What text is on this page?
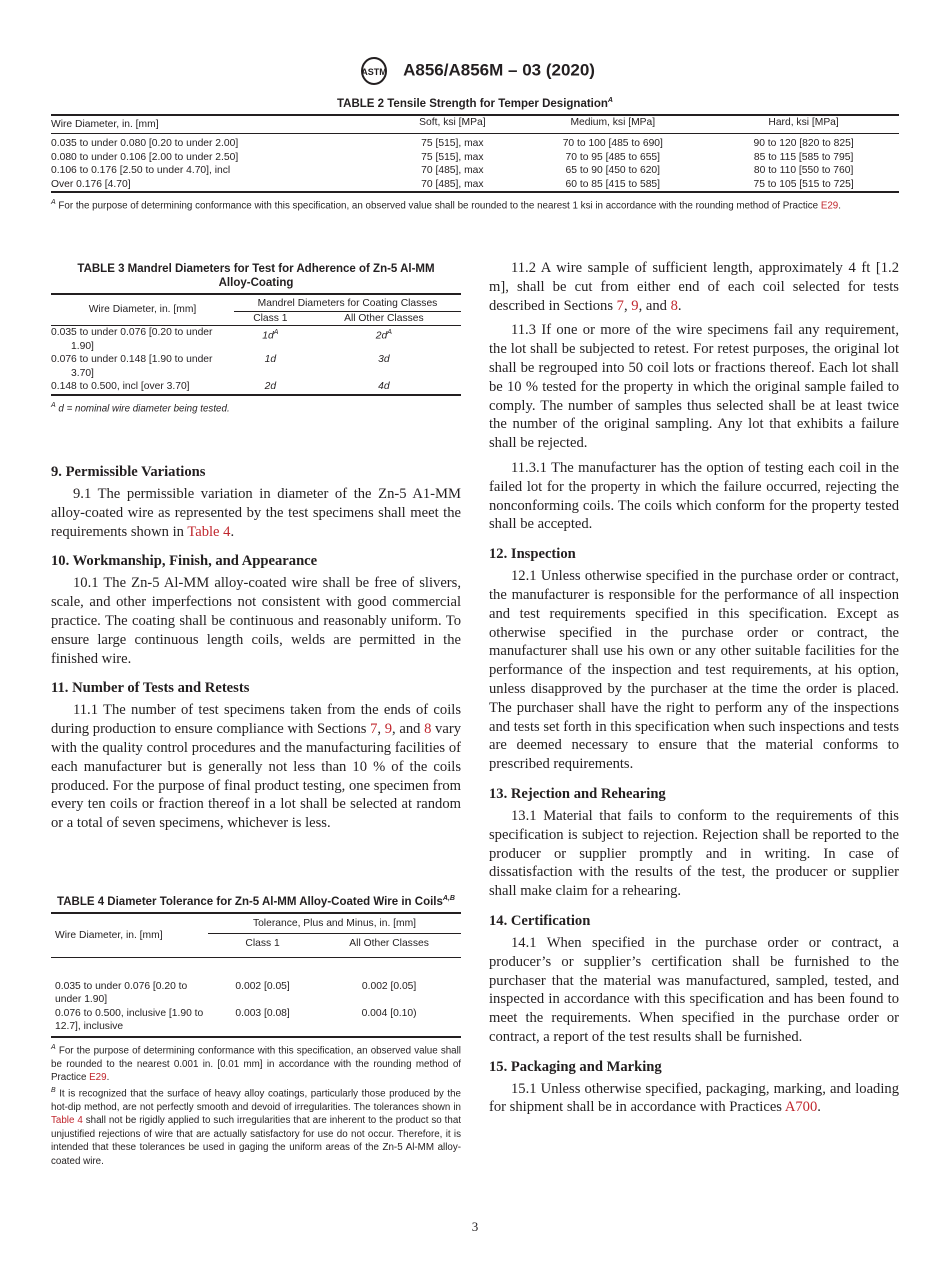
ASTM A856/A856M – 03 (2020)
TABLE 2 Tensile Strength for Temper Designation$^A$
Wire Diameter, in. [mm]	Soft, ksi [MPa]	Medium, ksi [MPa]	Hard, ksi [MPa]
0.035 to under 0.080 [0.20 to under 2.00]	75 [515], max	70 to 100 [485 to 690]	90 to 120 [820 to 825]
0.080 to under 0.106 [2.00 to under 2.50]	75 [515], max	70 to 95 [485 to 655]	85 to 115 [585 to 795]
0.106 to 0.176 [2.50 to under 4.70], incl	70 [485], max	65 to 90 [450 to 620]	80 to 110 [550 to 760]
Over 0.176 [4.70]	70 [485], max	60 to 85 [415 to 585]	75 to 105 [515 to 725]
$^A$ For the purpose of determining conformance with this specification, an observed value shall be rounded to the nearest 1 ksi in accordance with the rounding method of Practice E29.
TABLE 3 Mandrel Diameters for Test for Adherence of Zn-5 Al-MM Alloy-Coating
Wire Diameter, in. [mm]	Mandrel Diameters for Coating Classes	
	Class 1	All Other Classes
0.035 to under 0.076 [0.20 to under 1.90]	$1d^A$	$2d^A$
0.076 to under 0.148 [1.90 to under 3.70]	1d	3d
0.148 to 0.500, incl [over 3.70]	2d	4d
$^A$ d = nominal wire diameter being tested.
9. Permissible Variations

9.1 The permissible variation in diameter of the Zn-5 A1-MM alloy-coated wire as represented by the test specimens shall meet the requirements shown in Table 4.

10. Workmanship, Finish, and Appearance

10.1 The Zn-5 Al-MM alloy-coated wire shall be free of slivers, scale, and other imperfections not consistent with good commercial practice. The coating shall be continuous and reasonably uniform. To ensure large continuous length coils, welds are permitted in the finished wire.

11. Number of Tests and Retests

11.1 The number of test specimens taken from the ends of coils during production to ensure compliance with Sections 7, 9, and 8 vary with the quality control procedures and the manufacturing facilities of each manufacturer but is generally not less than 10 % of the coils produced. For the purpose of final product testing, one specimen from every ten coils or fraction thereof in a lot shall be selected at random or a total of seven specimens, whichever is less.

TABLE 4 Diameter Tolerance for Zn-5 Al-MM Alloy-Coated Wire in Coils$^{A,B}$
Wire Diameter, in. [mm]	Tolerance, Plus and Minus, in. [mm]	
	Class 1	All Other Classes
0.035 to under 0.076 [0.20 to under 1.90]	0.002 [0.05]	0.002 [0.05]
0.076 to 0.500, inclusive [1.90 to 12.7], inclusive	0.003 [0.08]	0.004 [0.10)
$^A$ For the purpose of determining conformance with this specification, an observed value shall be rounded to the nearest 0.001 in. [0.01 mm] in accordance with the rounding method of Practice E29.
$^B$ It is recognized that the surface of heavy alloy coatings, particularly those produced by the hot-dip method, are not perfectly smooth and devoid of irregularities. The tolerances shown in Table 4 shall not be rigidly applied to such irregularities that are inherent to the product so that unjustified rejections of wire that are actually satisfactory for use do not occur. Therefore, it is intended that these tolerances be used in gaging the uniform areas of the Zn-5 Al-MM alloy-coated wire.

11.2 A wire sample of sufficient length, approximately 4 ft [1.2 m], shall be cut from either end of each coil selected for tests described in Sections 7, 9, and 8.

11.3 If one or more of the wire specimens fail any requirement, the lot shall be subjected to retest. For retest purposes, the original lot shall be regrouped into 50 coil lots or fractions thereof. Each lot shall be 10 % tested for the property in which the original sample failed to comply. The number of samples thus selected shall be at least twice the number of the original sampling. Any lot that exhibits a failure shall be rejected.

11.3.1 The manufacturer has the option of testing each coil in the failed lot for the property in which the failure occurred, rejecting the nonconforming coils. The coils which conform for the property tested shall be accepted.

12. Inspection

12.1 Unless otherwise specified in the purchase order or contract, the manufacturer is responsible for the performance of all inspection and test requirements specified in this specification. Except as otherwise specified in the purchase order or contract, the manufacturer shall use his own or any other suitable facilities for the performance of the inspection and test requirements, at his option, unless disapproved by the purchaser at the time the order is placed. The purchaser shall have the right to perform any of the inspections and tests set forth in this specification when such inspections and tests are deemed necessary to ensure that the material conforms to prescribed requirements.

13. Rejection and Rehearing

13.1 Material that fails to conform to the requirements of this specification is subject to rejection. Rejection shall be reported to the producer or supplier promptly and in writing. In case of dissatisfaction with the results of the test, the producer or supplier shall make claim for a rehearing.

14. Certification

14.1 When specified in the purchase order or contract, a producer’s or supplier’s certification shall be furnished to the purchaser that the material was manufactured, sampled, tested, and inspected in accordance with this specification and has been found to meet the requirements. When specified in the purchase order or contract, a report of the test results shall be furnished.

15. Packaging and Marking

15.1 Unless otherwise specified, packaging, marking, and loading for shipment shall be in accordance with Practices A700.

3
